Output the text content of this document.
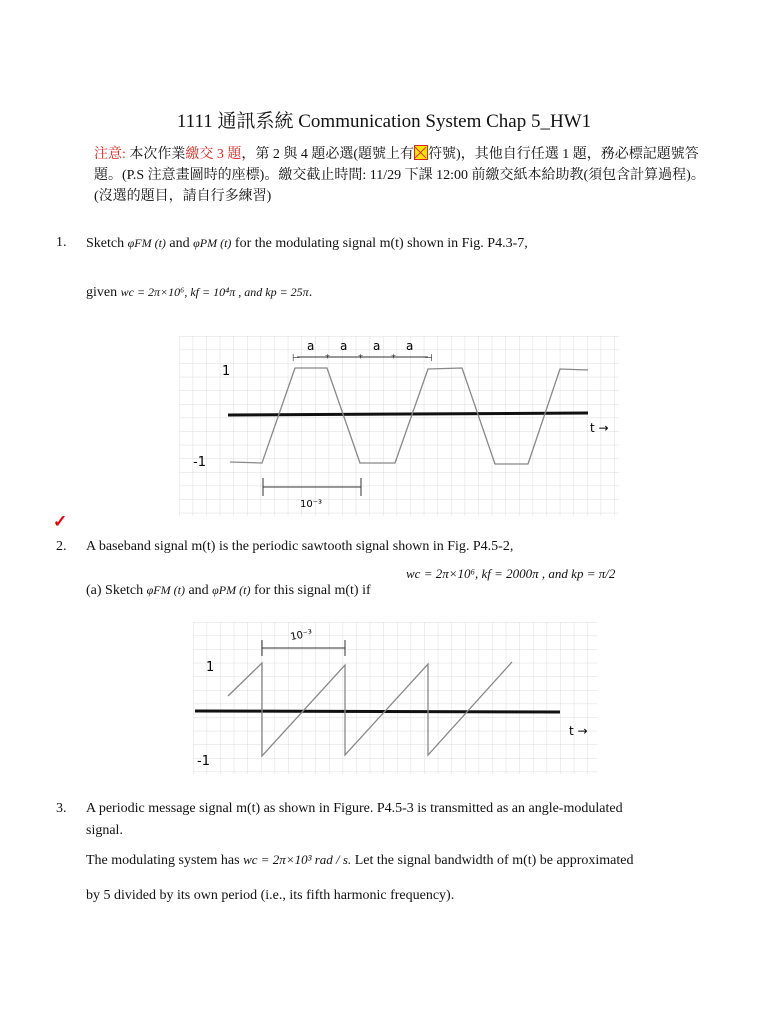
1111 通訊系統 Communication System Chap 5_HW1
注意: 本次作業繳交 3 題，第 2 與 4 題必選(題號上有 符號)，其他自行任選 1 題，務必標記題號答題。(P.S 注意畫圖時的座標)。繳交截止時間: 11/29 下課 12:00 前繳交紙本給助教(須包含計算過程)。(沒選的題目，請自行多練習)
1. Sketch φFM (t) and φPM (t) for the modulating signal m(t) shown in Fig. P4.3-7,
given wc = 2π×10⁶, kf = 10⁴π , and kp = 25π.
⊢ *	*	*	⊣
a a a a
1
-1
t →
10⁻³
✓
2. A baseband signal m(t) is the periodic sawtooth signal shown in Fig. P4.5-2,
(a) Sketch φFM (t) and φPM (t) for this signal m(t) if
wc = 2π×10⁶, kf = 2000π , and kp = π/2
10⁻³
1
-1
t →
3. A periodic message signal m(t) as shown in Figure. P4.5-3 is transmitted as an angle-modulated
signal.
The modulating system has wc = 2π×10³ rad / s. Let the signal bandwidth of m(t) be approximated
by 5 divided by its own period (i.e., its fifth harmonic frequency).
